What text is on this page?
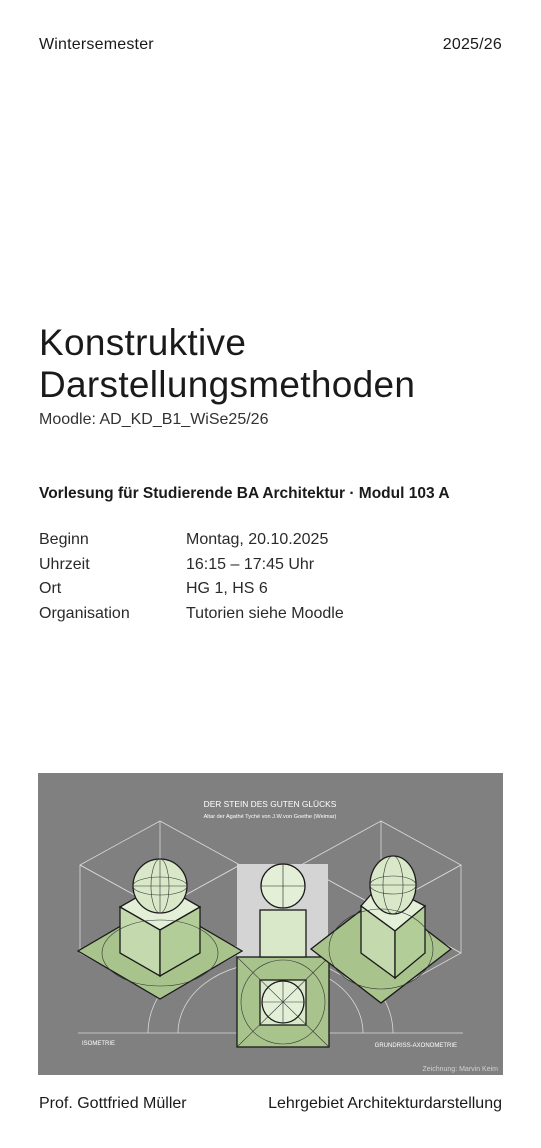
Wintersemester	2025/26
Konstruktive
Darstellungsmethoden
Moodle: AD_KD_B1_WiSe25/26
Vorlesung für Studierende BA Architektur · Modul 103 A
Beginn	Montag, 20.10.2025
Uhrzeit	16:15 – 17:45 Uhr
Ort	HG 1, HS 6
Organisation	Tutorien siehe Moodle
DER STEIN DES GUTEN GLÜCKS
Altar der Agathé Tyché von J.W.von Goethe (Weimar)
ISOMETRIE	GRUNDRISS-AXONOMETRIE
Zeichnung: Marvin Keim
Prof. Gottfried Müller	Lehrgebiet Architekturdarstellung
